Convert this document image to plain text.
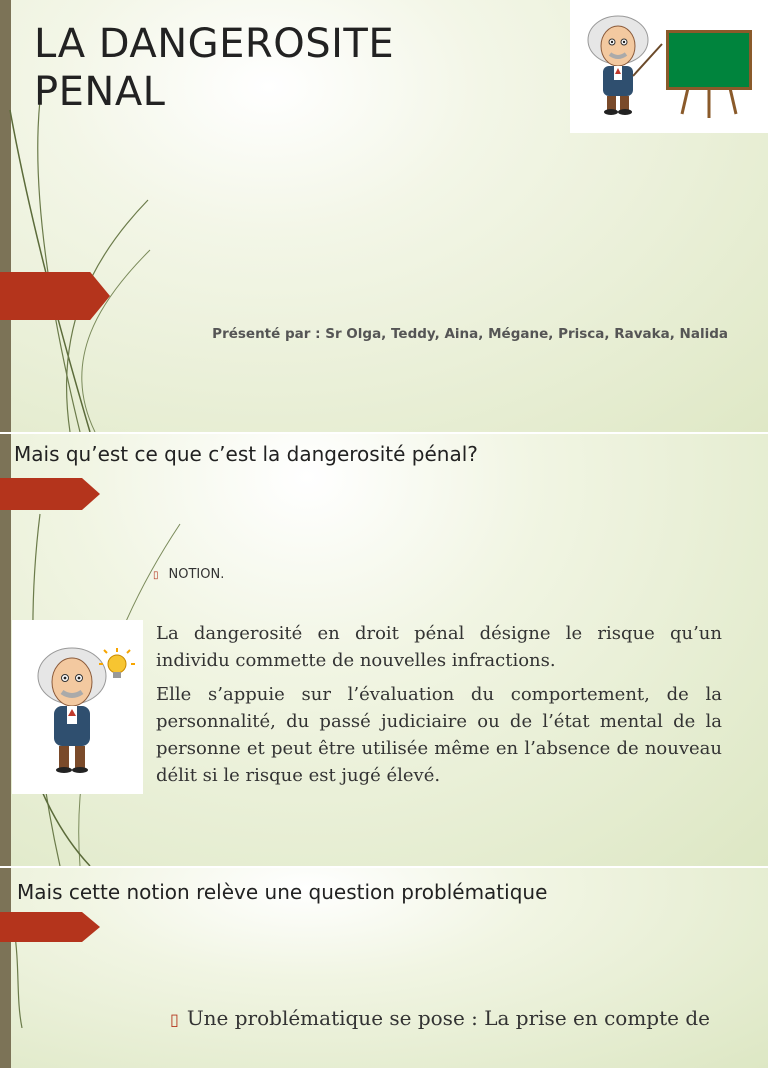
LA DANGEROSITE
PENAL
Présenté par : Sr Olga, Teddy, Aina, Mégane, Prisca, Ravaka, Nalida
Mais qu’est ce que c’est la dangerosité pénal?
▯ NOTION.

La dangerosité en droit pénal désigne le risque qu’un individu commette de nouvelles infractions.

Elle s’appuie sur l’évaluation du comportement, de la personnalité, du passé judiciaire ou de l’état mental de la personne et peut être utilisée même en l’absence de nouveau délit si le risque est jugé élevé.

Mais cette notion relève une question problématique
▯ Une problématique se pose : La prise en compte de
